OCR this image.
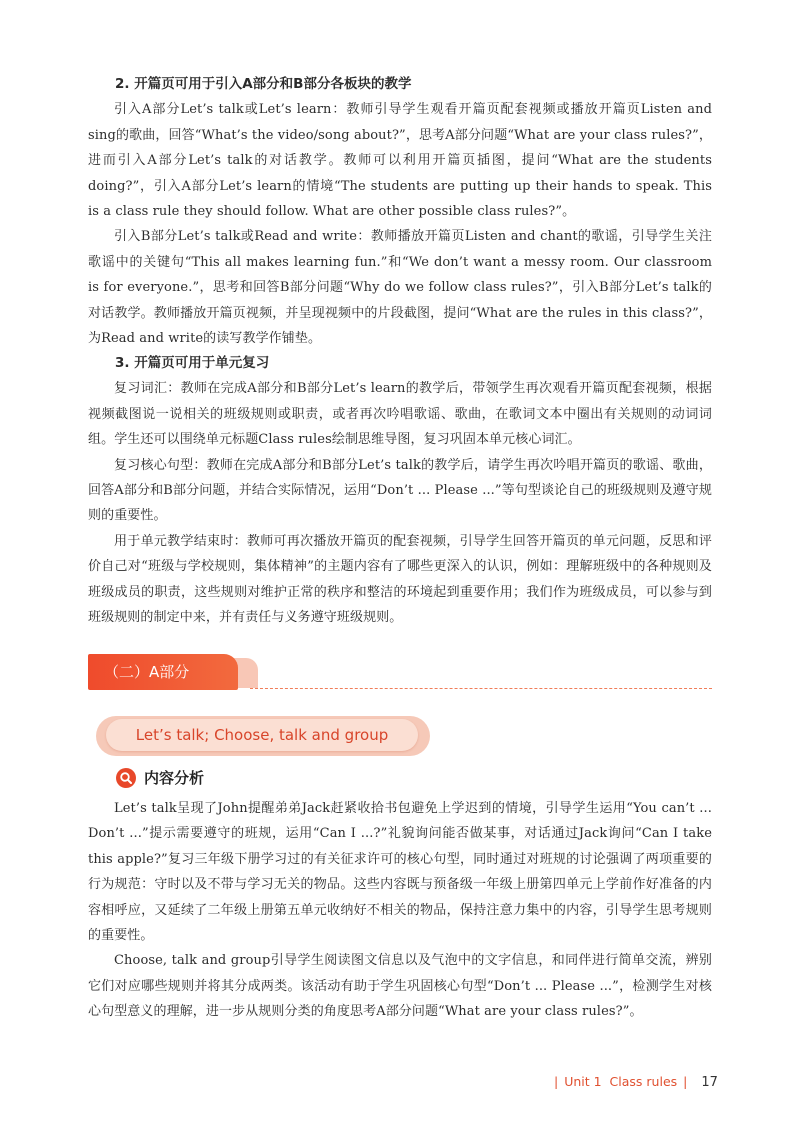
2. 开篇页可用于引入A部分和B部分各板块的教学

引入A部分Let’s talk或Let’s learn：教师引导学生观看开篇页配套视频或播放开篇页Listen and sing的歌曲，回答“What’s the video/song about?”，思考A部分问题“What are your class rules?”，进而引入A部分Let’s talk的对话教学。教师可以利用开篇页插图，提问“What are the students doing?”，引入A部分Let’s learn的情境“The students are putting up their hands to speak. This is a class rule they should follow. What are other possible class rules?”。

引入B部分Let’s talk或Read and write：教师播放开篇页Listen and chant的歌谣，引导学生关注歌谣中的关键句“This all makes learning fun.”和“We don’t want a messy room. Our classroom is for everyone.”，思考和回答B部分问题“Why do we follow class rules?”，引入B部分Let’s talk的对话教学。教师播放开篇页视频，并呈现视频中的片段截图，提问“What are the rules in this class?”，为Read and write的读写教学作铺垫。

3. 开篇页可用于单元复习

复习词汇：教师在完成A部分和B部分Let’s learn的教学后，带领学生再次观看开篇页配套视频，根据视频截图说一说相关的班级规则或职责，或者再次吟唱歌谣、歌曲，在歌词文本中圈出有关规则的动词词组。学生还可以围绕单元标题Class rules绘制思维导图，复习巩固本单元核心词汇。

复习核心句型：教师在完成A部分和B部分Let’s talk的教学后，请学生再次吟唱开篇页的歌谣、歌曲，回答A部分和B部分问题，并结合实际情况，运用“Don’t ... Please ...”等句型谈论自己的班级规则及遵守规则的重要性。

用于单元教学结束时：教师可再次播放开篇页的配套视频，引导学生回答开篇页的单元问题，反思和评价自己对“班级与学校规则，集体精神”的主题内容有了哪些更深入的认识，例如：理解班级中的各种规则及班级成员的职责，这些规则对维护正常的秩序和整洁的环境起到重要作用；我们作为班级成员，可以参与到班级规则的制定中来，并有责任与义务遵守班级规则。

（二）A部分
Let’s talk; Choose, talk and group
内容分析

Let’s talk呈现了John提醒弟弟Jack赶紧收拾书包避免上学迟到的情境，引导学生运用“You can’t ... Don’t ...”提示需要遵守的班规，运用“Can I ...?”礼貌询问能否做某事，对话通过Jack询问“Can I take this apple?”复习三年级下册学习过的有关征求许可的核心句型，同时通过对班规的讨论强调了两项重要的行为规范：守时以及不带与学习无关的物品。这些内容既与预备级一年级上册第四单元上学前作好准备的内容相呼应，又延续了二年级上册第五单元收纳好不相关的物品，保持注意力集中的内容，引导学生思考规则的重要性。

Choose, talk and group引导学生阅读图文信息以及气泡中的文字信息，和同伴进行简单交流，辨别它们对应哪些规则并将其分成两类。该活动有助于学生巩固核心句型“Don’t ... Please ...”，检测学生对核心句型意义的理解，进一步从规则分类的角度思考A部分问题“What are your class rules?”。

| Unit 1 Class rules | 17
